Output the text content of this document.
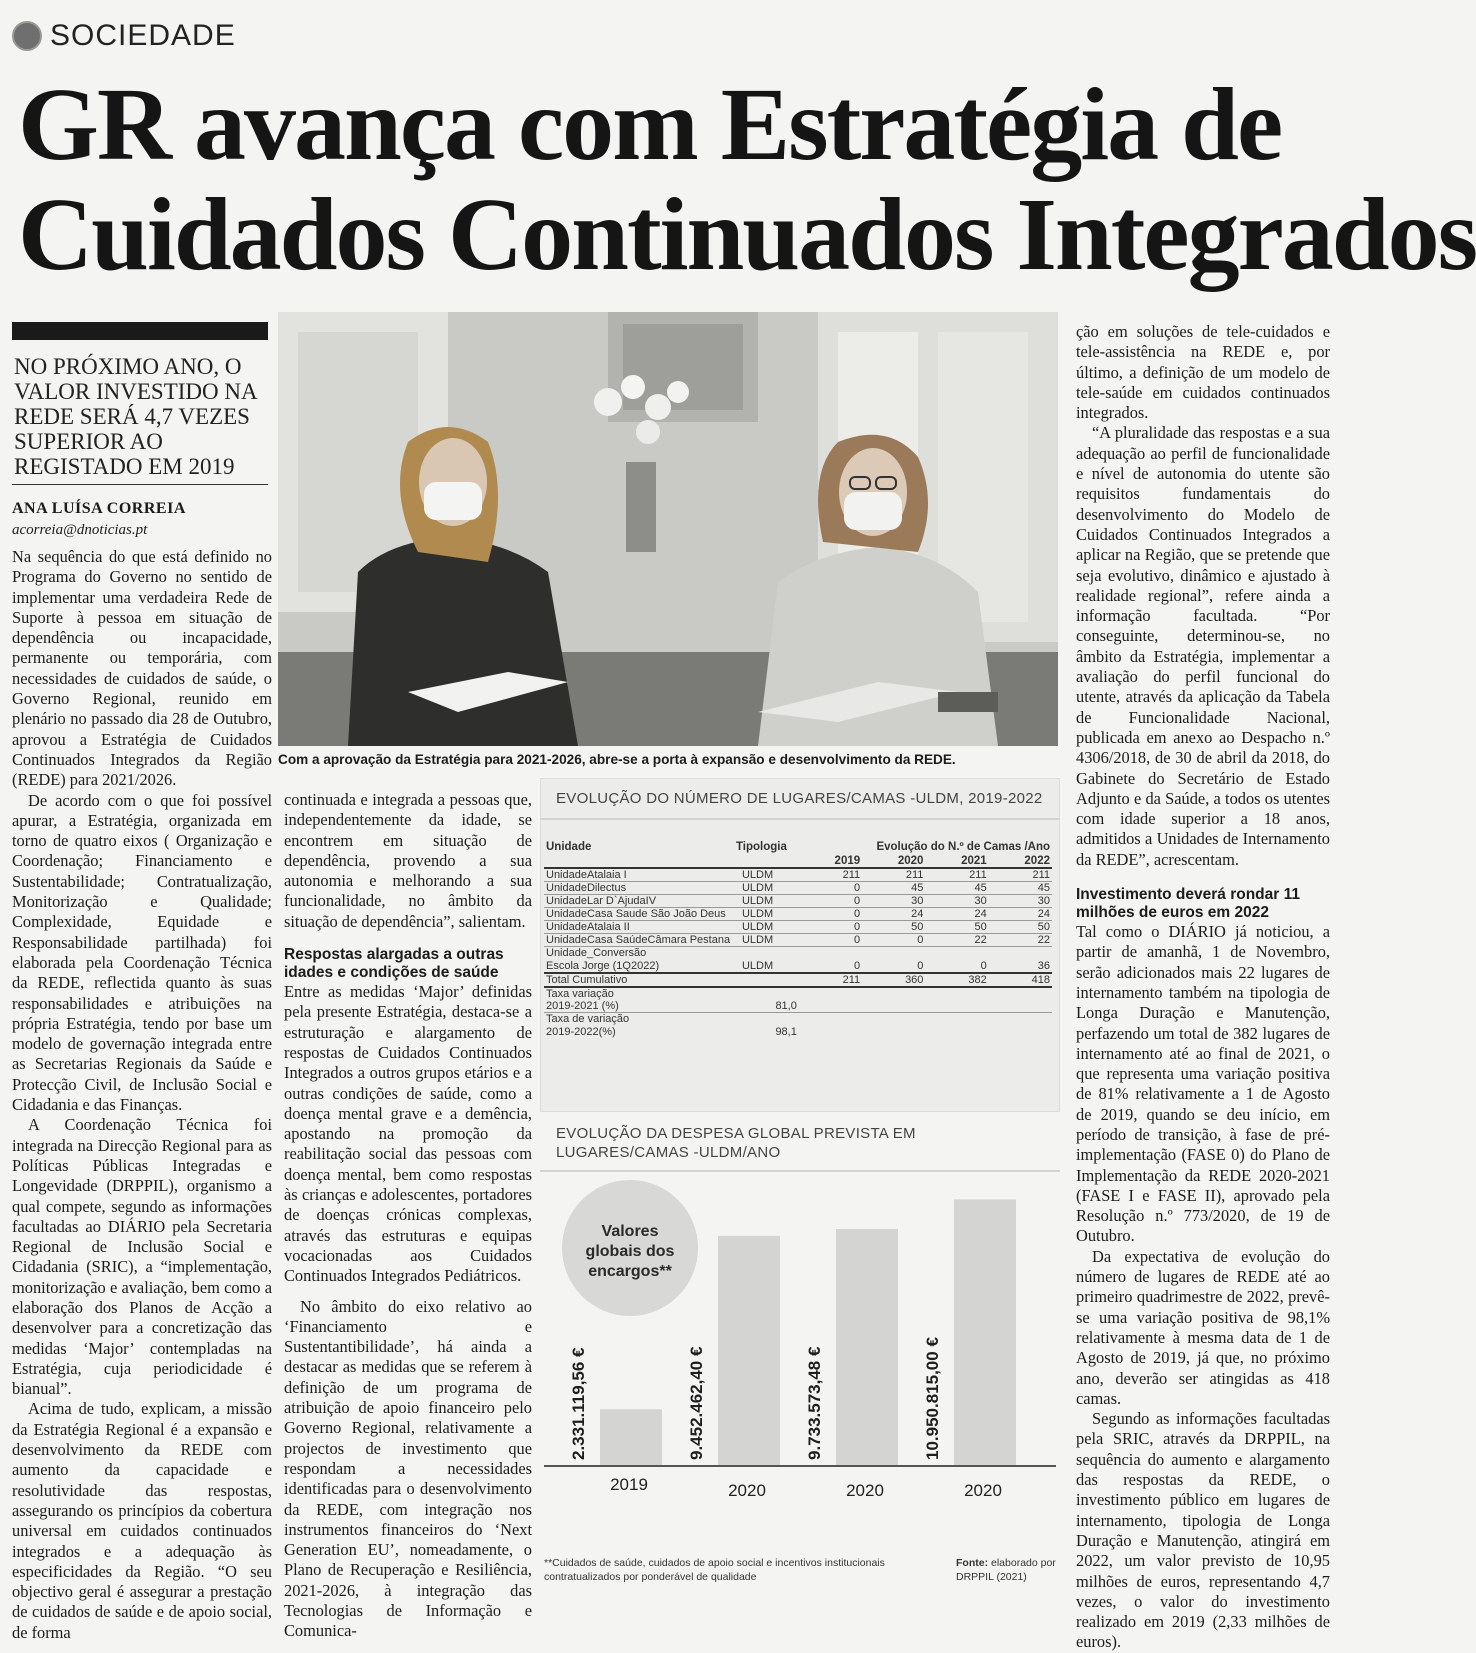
SOCIEDADE
GR avança com Estratégia de
Cuidados Continuados Integrados
NO PRÓXIMO ANO, O VALOR INVESTIDO NA REDE SERÁ 4,7 VEZES SUPERIOR AO REGISTADO EM 2019
ANA LUÍSA CORREIA
acorreia@dnoticias.pt

Na sequência do que está definido no Programa do Governo no sentido de implementar uma verdadeira Rede de Suporte à pessoa em situação de dependência ou incapacidade, permanente ou temporária, com necessidades de cuidados de saúde, o Governo Regional, reunido em plenário no passado dia 28 de Outubro, aprovou a Estratégia de Cuidados Continuados Integrados da Região (REDE) para 2021/2026.

De acordo com o que foi possível apurar, a Estratégia, organizada em torno de quatro eixos ( Organização e Coordenação; Financiamento e Sustentabilidade; Contratualização, Monitorização e Qualidade; Complexidade, Equidade e Responsabilidade partilhada) foi elaborada pela Coordenação Técnica da REDE, reflectida quanto às suas responsabilidades e atribuições na própria Estratégia, tendo por base um modelo de governação integrada entre as Secretarias Regionais da Saúde e Protecção Civil, de Inclusão Social e Cidadania e das Finanças.

A Coordenação Técnica foi integrada na Direcção Regional para as Políticas Públicas Integradas e Longevidade (DRPPIL), organismo a qual compete, segundo as informações facultadas ao DIÁRIO pela Secretaria Regional de Inclusão Social e Cidadania (SRIC), a “implementação, monitorização e avaliação, bem como a elaboração dos Planos de Acção a desenvolver para a concretização das medidas ‘Major’ contempladas na Estratégia, cuja periodicidade é bianual”.

Acima de tudo, explicam, a missão da Estratégia Regional é a expansão e desenvolvimento da REDE com aumento da capacidade e resolutividade das respostas, assegurando os princípios da cobertura universal em cuidados continuados integrados e a adequação às especificidades da Região. “O seu objectivo geral é assegurar a prestação de cuidados de saúde e de apoio social, de forma

Com a aprovação da Estratégia para 2021-2026, abre-se a porta à expansão e desenvolvimento da REDE.

continuada e integrada a pessoas que, independentemente da idade, se encontrem em situação de dependência, provendo a sua autonomia e melhorando a sua funcionalidade, no âmbito da situação de dependência”, salientam.

Respostas alargadas a outras idades e condições de saúde

Entre as medidas ‘Major’ definidas pela presente Estratégia, destaca-se a estruturação e alargamento de respostas de Cuidados Continuados Integrados a outros grupos etários e a outras condições de saúde, como a doença mental grave e a demência, apostando na promoção da reabilitação social das pessoas com doença mental, bem como respostas às crianças e adolescentes, portadores de doenças crónicas complexas, através das estruturas e equipas vocacionadas aos Cuidados Continuados Integrados Pediátricos.

No âmbito do eixo relativo ao ‘Financiamento e Sustentantibilidade’, há ainda a destacar as medidas que se referem à definição de um programa de atribuição de apoio financeiro pelo Governo Regional, relativamente a projectos de investimento que respondam a necessidades identificadas para o desenvolvimento da REDE, com integração nos instrumentos financeiros do ‘Next Generation EU’, nomeadamente, o Plano de Recuperação e Resiliência, 2021-2026, à integração das Tecnologias de Informação e Comunica-

EVOLUÇÃO DO NÚMERO DE LUGARES/CAMAS -ULDM, 2019-2022
Unidade	Tipologia	Evolução do N.º de Camas /Ano			
		2019	2020	2021	2022
UnidadeAtalaia I	ULDM	211	211	211	211
UnidadeDilectus	ULDM	0	45	45	45
UnidadeLar D`AjudaIV	ULDM	0	30	30	30
UnidadeCasa Saude São João Deus	ULDM	0	24	24	24
UnidadeAtalaia II	ULDM	0	50	50	50
UnidadeCasa SaúdeCâmara Pestana	ULDM	0	0	22	22
Unidade_Conversão					
Escola Jorge (1Q2022)	ULDM	0	0	0	36
Total Cumulativo		211	360	382	418
Taxa variação					
2019-2021 (%)	81,0				
Taxa de variação					
2019-2022(%)	98,1				
EVOLUÇÃO DA DESPESA GLOBAL PREVISTA EM LUGARES/CAMAS -ULDM/ANO
Valores
globais dos
encargos**
2.331.119,56 €
2019
9.452.462,40 €
2020
9.733.573,48 €
2020
10.950.815,00 €
2020
**Cuidados de saúde, cuidados de apoio social e incentivos institucionais contratualizados por ponderável de qualidade
Fonte: elaborado por DRPPIL (2021)

ção em soluções de tele-cuidados e tele-assistência na REDE e, por último, a definição de um modelo de tele-saúde em cuidados continuados integrados.

“A pluralidade das respostas e a sua adequação ao perfil de funcionalidade e nível de autonomia do utente são requisitos fundamentais do desenvolvimento do Modelo de Cuidados Continuados Integrados a aplicar na Região, que se pretende que seja evolutivo, dinâmico e ajustado à realidade regional”, refere ainda a informação facultada. “Por conseguinte, determinou-se, no âmbito da Estratégia, implementar a avaliação do perfil funcional do utente, através da aplicação da Tabela de Funcionalidade Nacional, publicada em anexo ao Despacho n.º 4306/2018, de 30 de abril da 2018, do Gabinete do Secretário de Estado Adjunto e da Saúde, a todos os utentes com idade superior a 18 anos, admitidos a Unidades de Internamento da REDE”, acrescentam.

Investimento deverá rondar 11 milhões de euros em 2022

Tal como o DIÁRIO já noticiou, a partir de amanhã, 1 de Novembro, serão adicionados mais 22 lugares de internamento também na tipologia de Longa Duração e Manutenção, perfazendo um total de 382 lugares de internamento até ao final de 2021, o que representa uma variação positiva de 81% relativamente a 1 de Agosto de 2019, quando se deu início, em período de transição, à fase de pré-implementação (FASE 0) do Plano de Implementação da REDE 2020-2021 (FASE I e FASE II), aprovado pela Resolução n.º 773/2020, de 19 de Outubro.

Da expectativa de evolução do número de lugares de REDE até ao primeiro quadrimestre de 2022, prevê-se uma variação positiva de 98,1% relativamente à mesma data de 1 de Agosto de 2019, já que, no próximo ano, deverão ser atingidas as 418 camas.

Segundo as informações facultadas pela SRIC, através da DRPPIL, na sequência do aumento e alargamento das respostas da REDE, o investimento público em lugares de internamento, tipologia de Longa Duração e Manutenção, atingirá em 2022, um valor previsto de 10,95 milhões de euros, representando 4,7 vezes, o valor do investimento realizado em 2019 (2,33 milhões de euros).
